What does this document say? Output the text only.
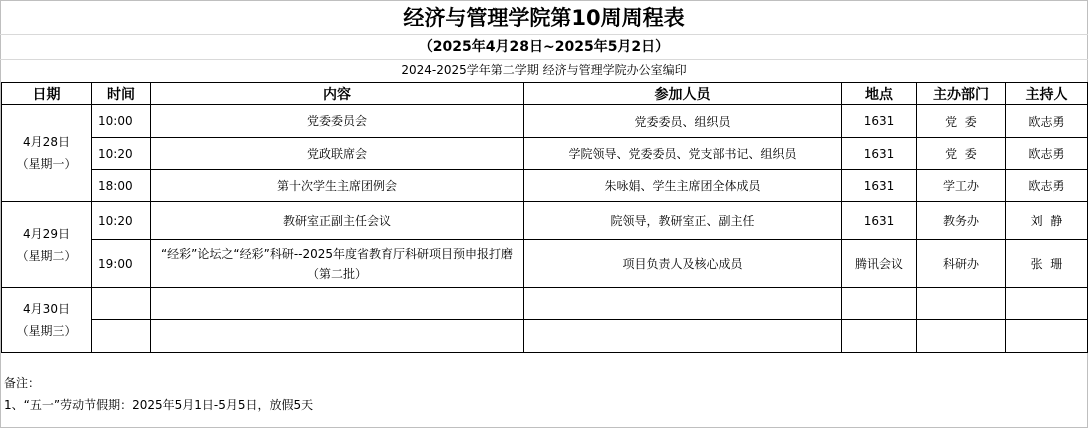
经济与管理学院第10周周程表
（2025年4月28日~2025年5月2日）
2024-2025学年第二学期 经济与管理学院办公室编印
日期	时间	内容	参加人员	地点	主办部门	主持人

4月28日
（星期一）	10:00	党委委员会	党委委员、组织员	1631	党  委	欧志勇
	10:20	党政联席会	学院领导、党委委员、党支部书记、组织员	1631	党  委	欧志勇
	18:00	第十次学生主席团例会	朱咏娟、学生主席团全体成员	1631	学工办	欧志勇

4月29日
（星期二）	10:20	教研室正副主任会议	院领导，教研室正、副主任	1631	教务办	刘  静
	19:00	“经彩”论坛之“经彩”科研--2025年度省教育厅科研项目预申报打磨（第二批）	项目负责人及核心成员	腾讯会议	科研办	张  珊

4月30日
（星期三）						

备注：
1、“五一”劳动节假期：2025年5月1日-5月5日，放假5天
